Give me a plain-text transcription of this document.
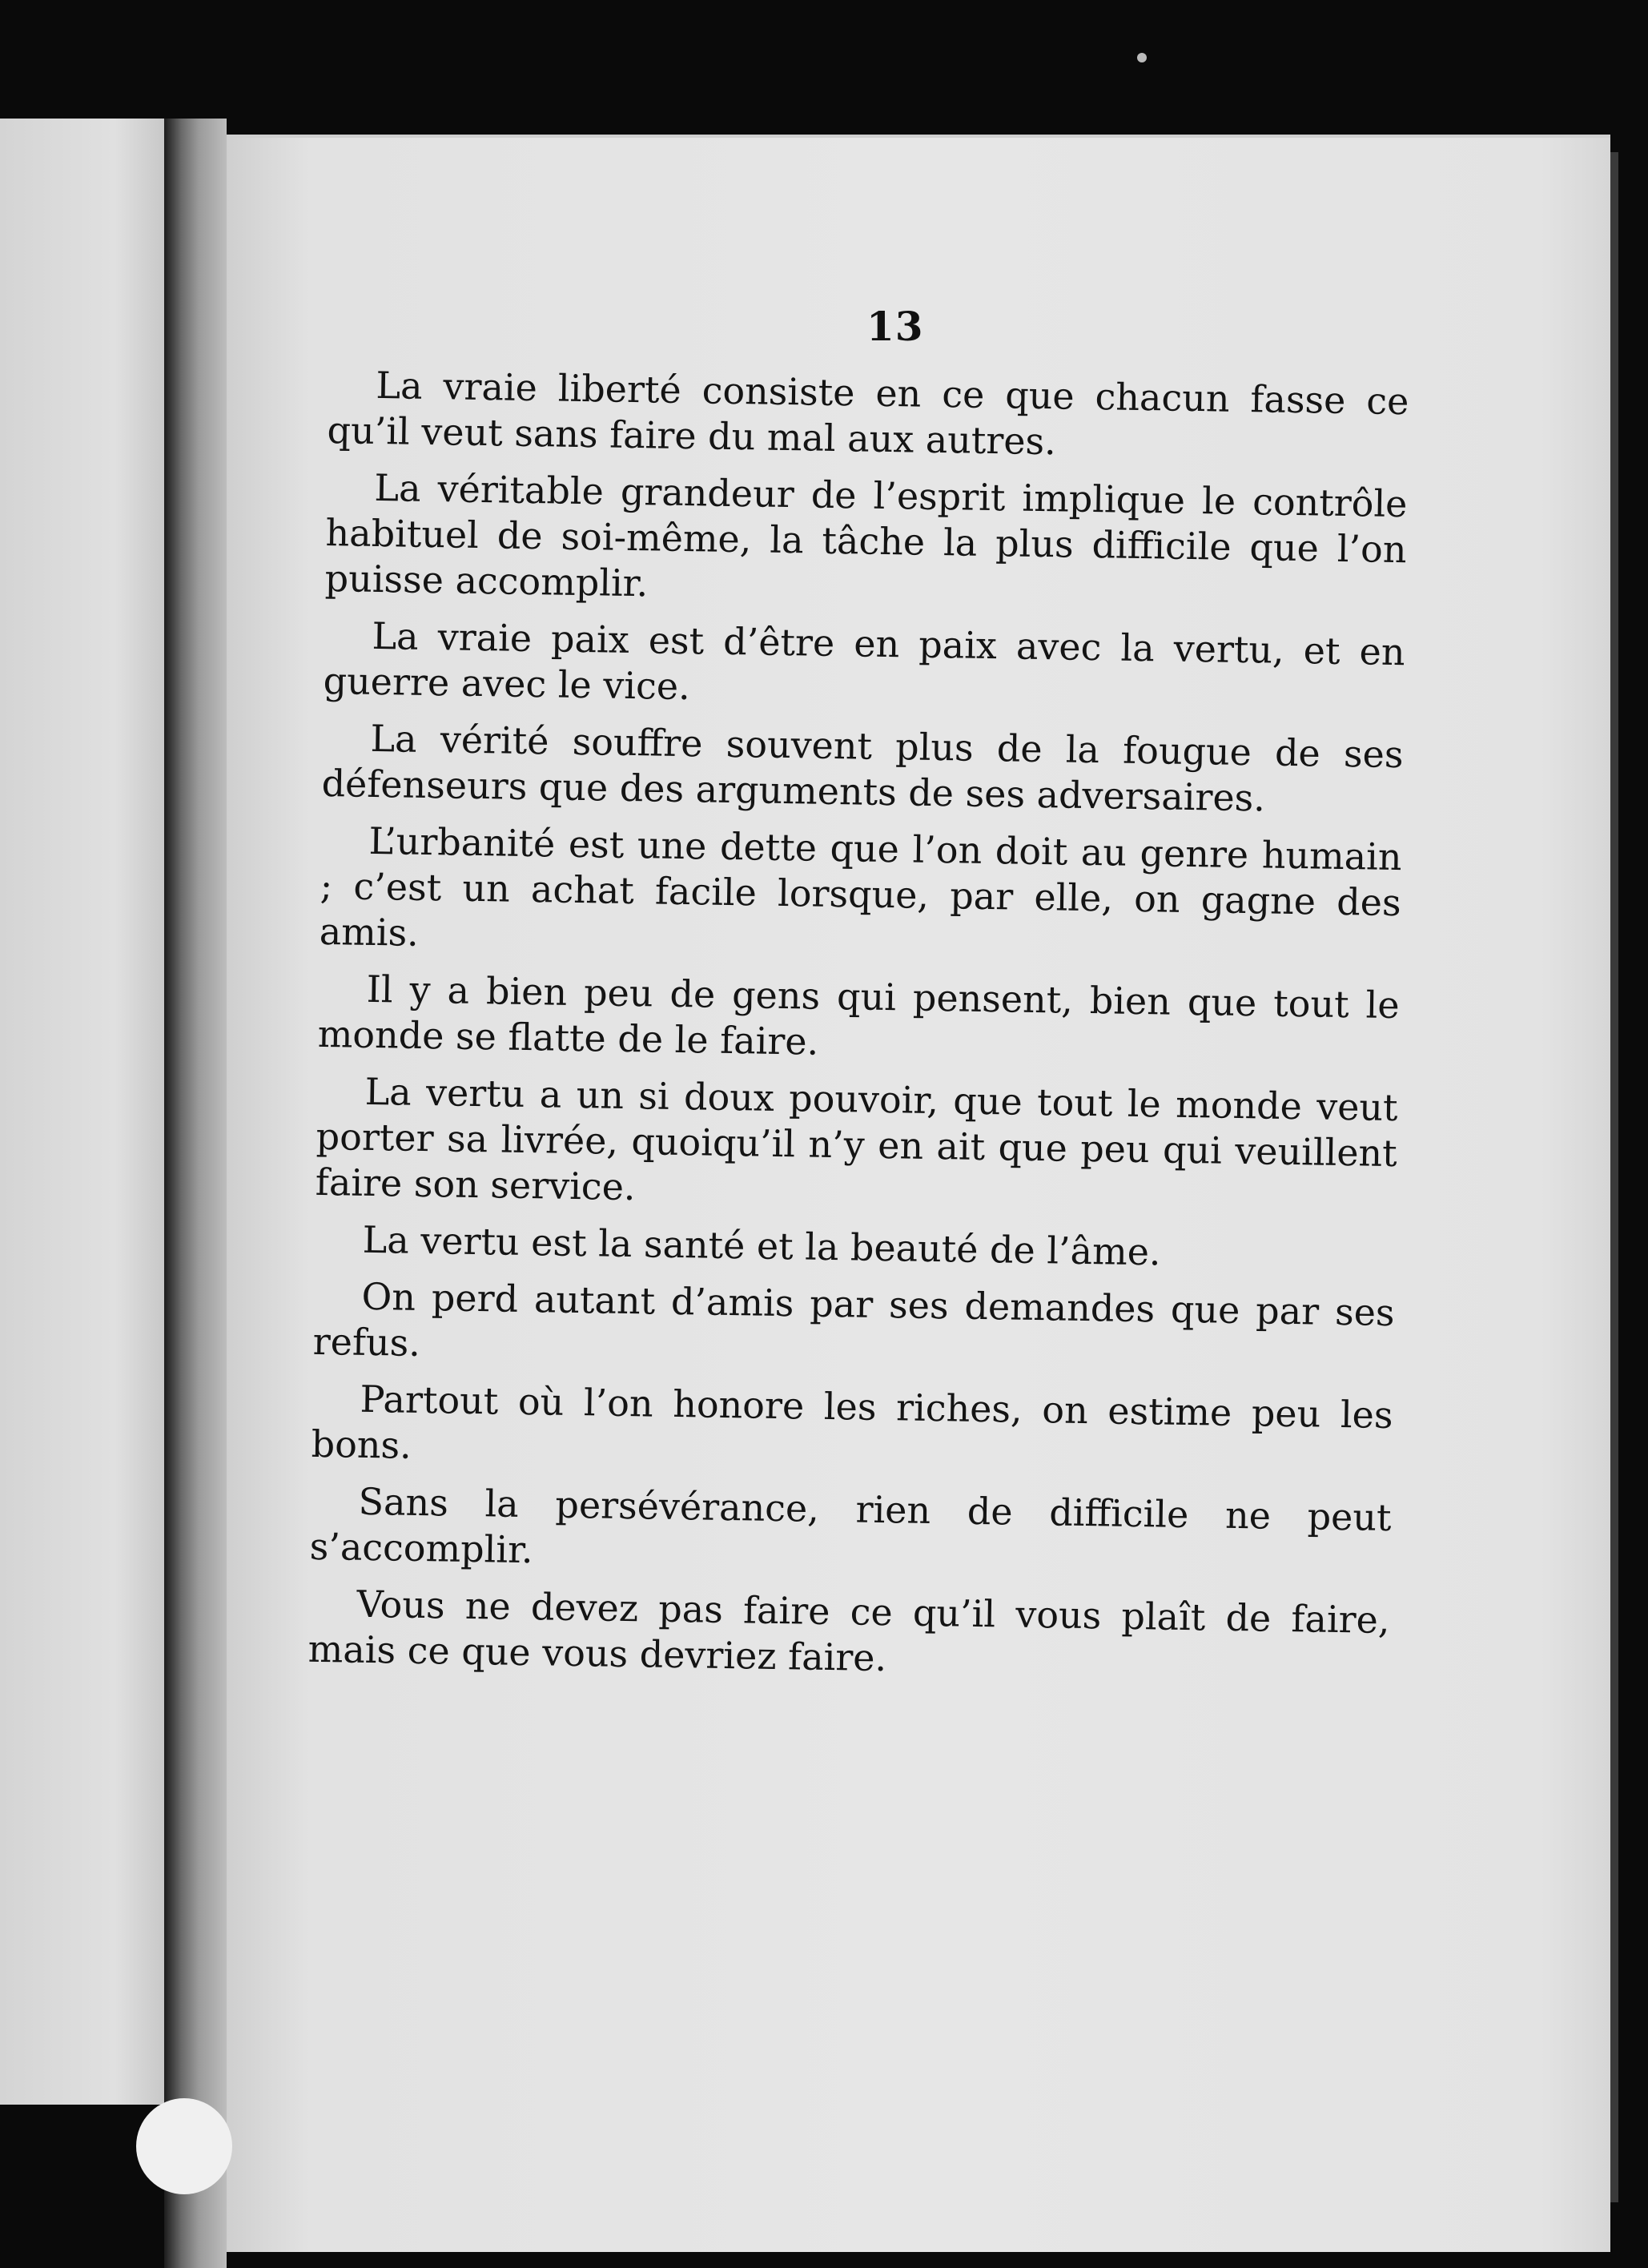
13

La vraie liberté consiste en ce que chacun fasse ce qu’il veut sans faire du mal aux autres.

La véritable grandeur de l’esprit implique le contrôle habituel de soi-même, la tâche la plus difficile que l’on puisse accomplir.

La vraie paix est d’être en paix avec la vertu, et en guerre avec le vice.

La vérité souffre souvent plus de la fougue de ses défenseurs que des arguments de ses adversaires.

L’urbanité est une dette que l’on doit au genre humain ; c’est un achat facile lorsque, par elle, on gagne des amis.

Il y a bien peu de gens qui pensent, bien que tout le monde se flatte de le faire.

La vertu a un si doux pouvoir, que tout le monde veut porter sa livrée, quoiqu’il n’y en ait que peu qui veuillent faire son service.

La vertu est la santé et la beauté de l’âme.

On perd autant d’amis par ses demandes que par ses refus.

Partout où l’on honore les riches, on estime peu les bons.

Sans la persévérance, rien de difficile ne peut s’accomplir.

Vous ne devez pas faire ce qu’il vous plaît de faire, mais ce que vous devriez faire.
